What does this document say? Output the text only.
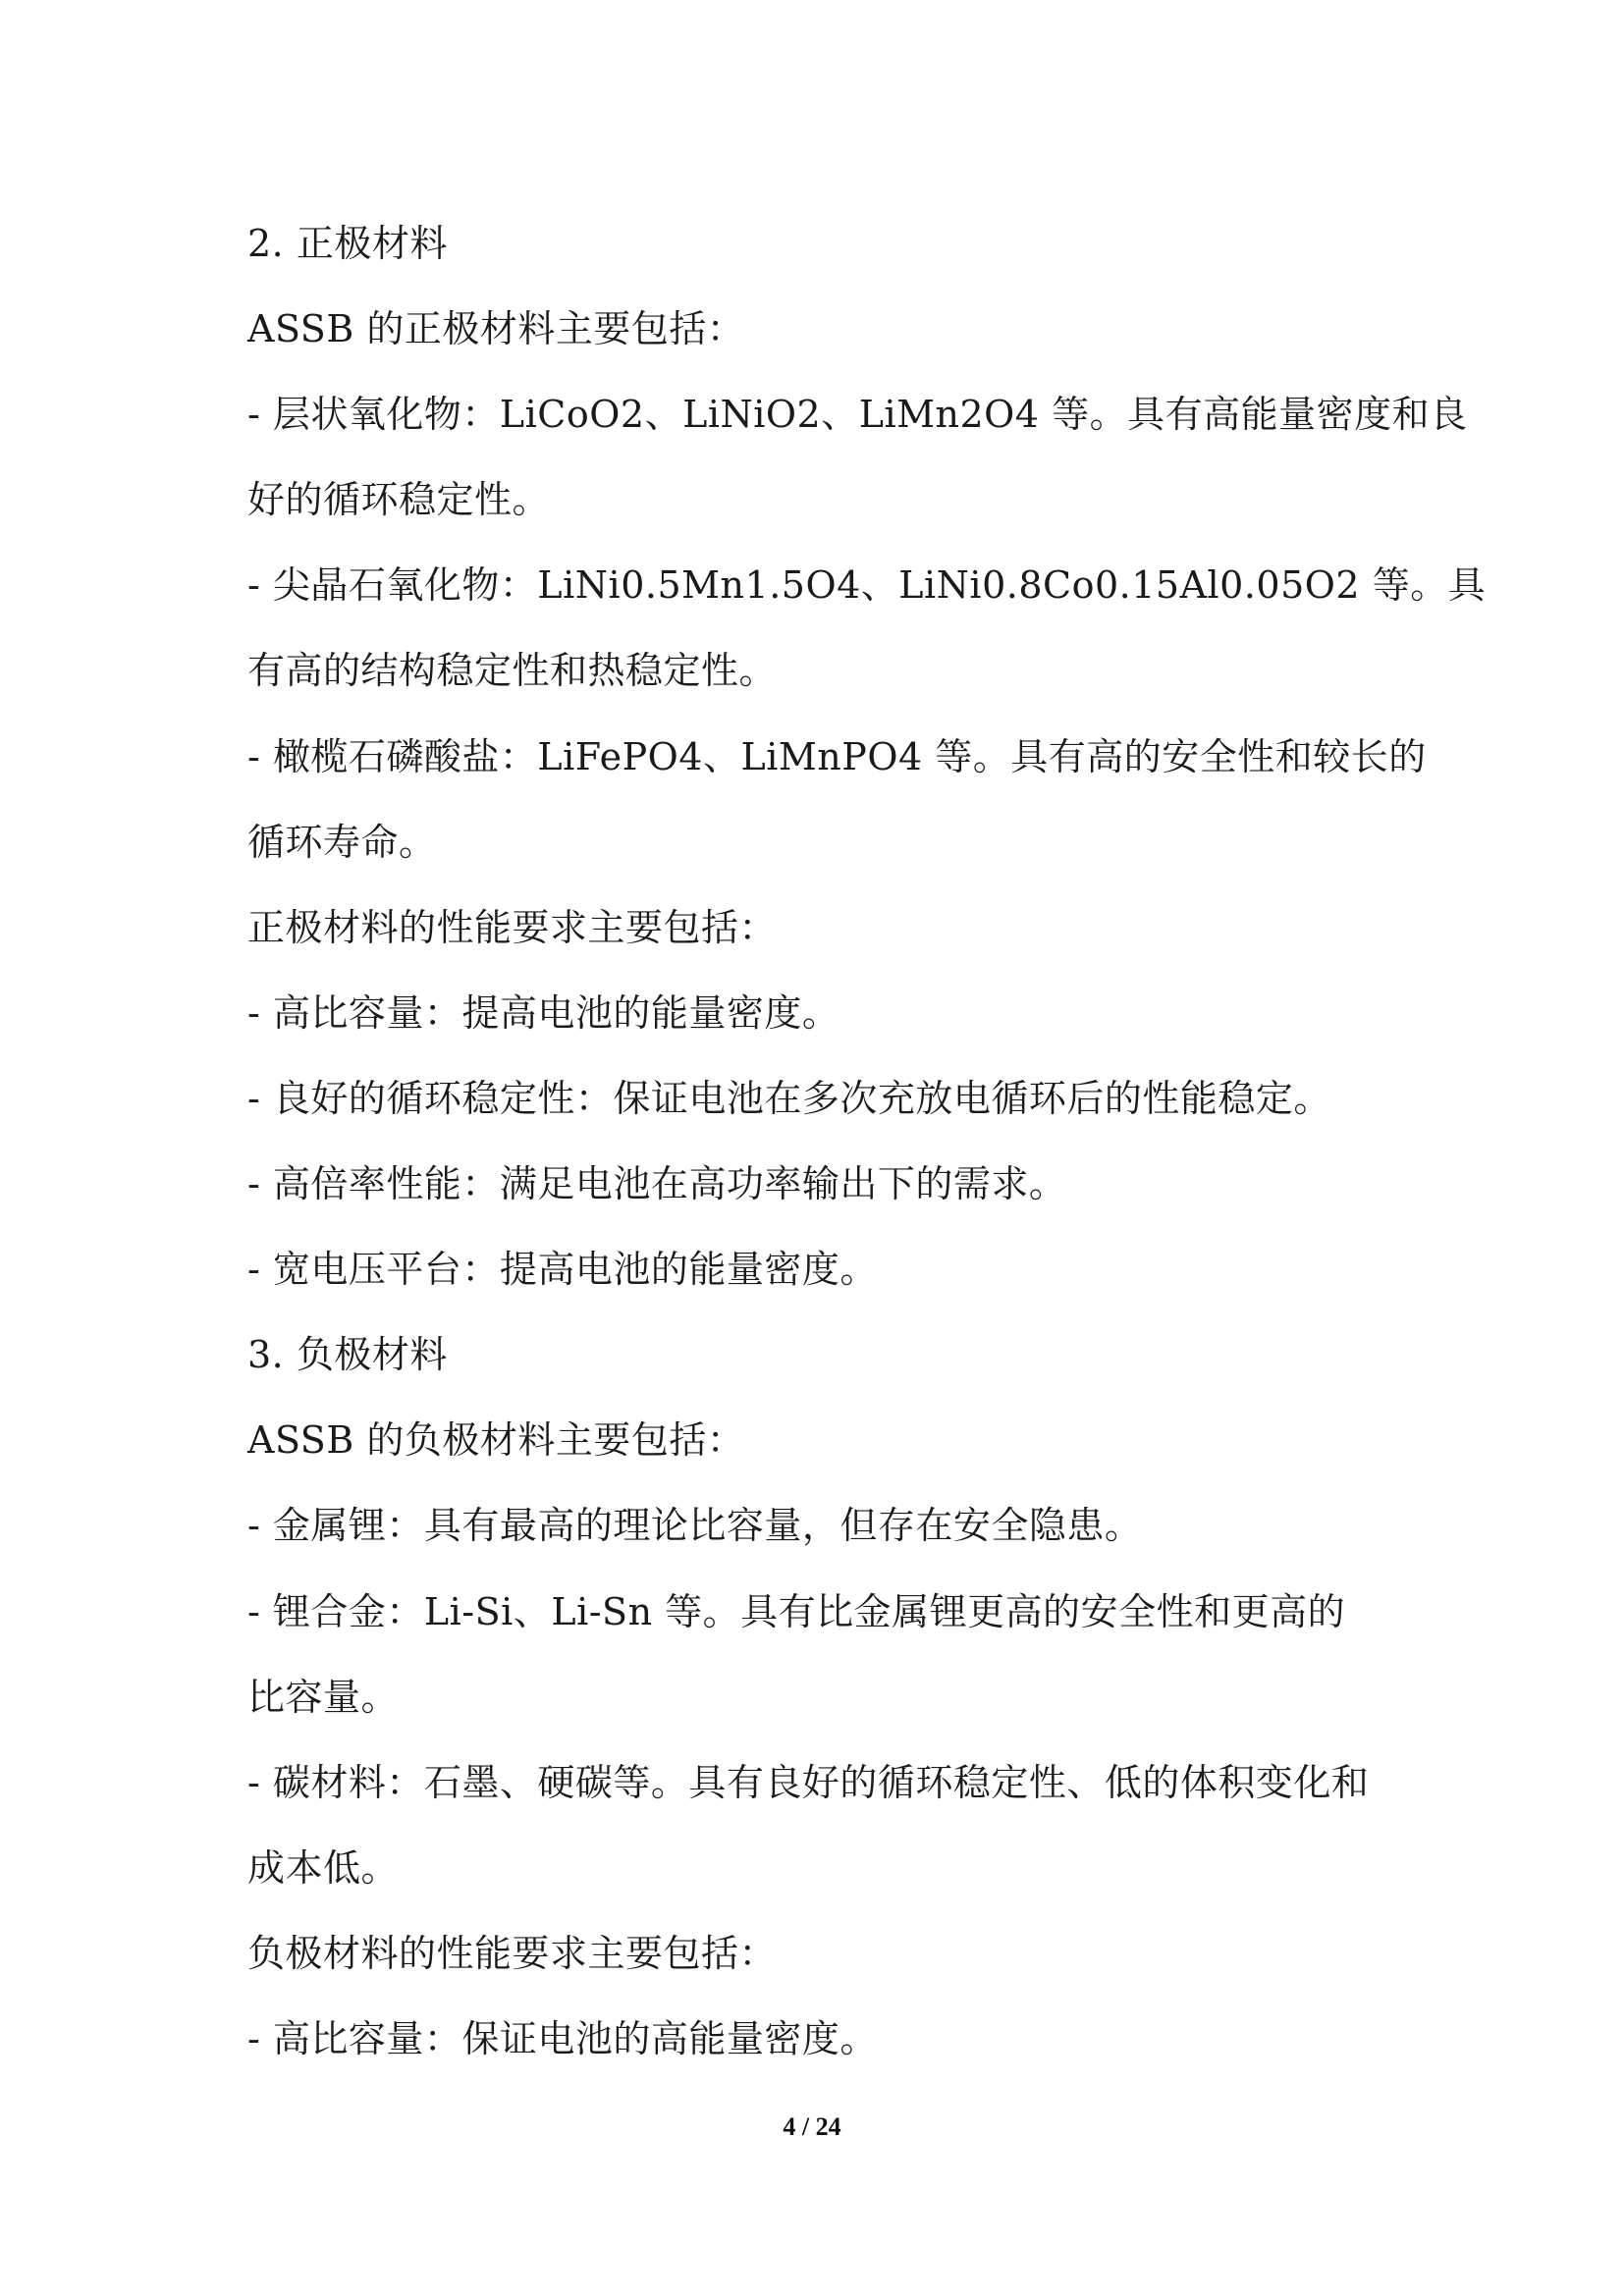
2. 正极材料
ASSB 的正极材料主要包括：
- 层状氧化物：LiCoO2、LiNiO2、LiMn2O4 等。具有高能量密度和良
好的循环稳定性。
- 尖晶石氧化物：LiNi0.5Mn1.5O4、LiNi0.8Co0.15Al0.05O2 等。具
有高的结构稳定性和热稳定性。
- 橄榄石磷酸盐：LiFePO4、LiMnPO4 等。具有高的安全性和较长的
循环寿命。
正极材料的性能要求主要包括：
- 高比容量：提高电池的能量密度。
- 良好的循环稳定性：保证电池在多次充放电循环后的性能稳定。
- 高倍率性能：满足电池在高功率输出下的需求。
- 宽电压平台：提高电池的能量密度。
3. 负极材料
ASSB 的负极材料主要包括：
- 金属锂：具有最高的理论比容量，但存在安全隐患。
- 锂合金：Li-Si、Li-Sn 等。具有比金属锂更高的安全性和更高的
比容量。
- 碳材料：石墨、硬碳等。具有良好的循环稳定性、低的体积变化和
成本低。
负极材料的性能要求主要包括：
- 高比容量：保证电池的高能量密度。
4 / 24
